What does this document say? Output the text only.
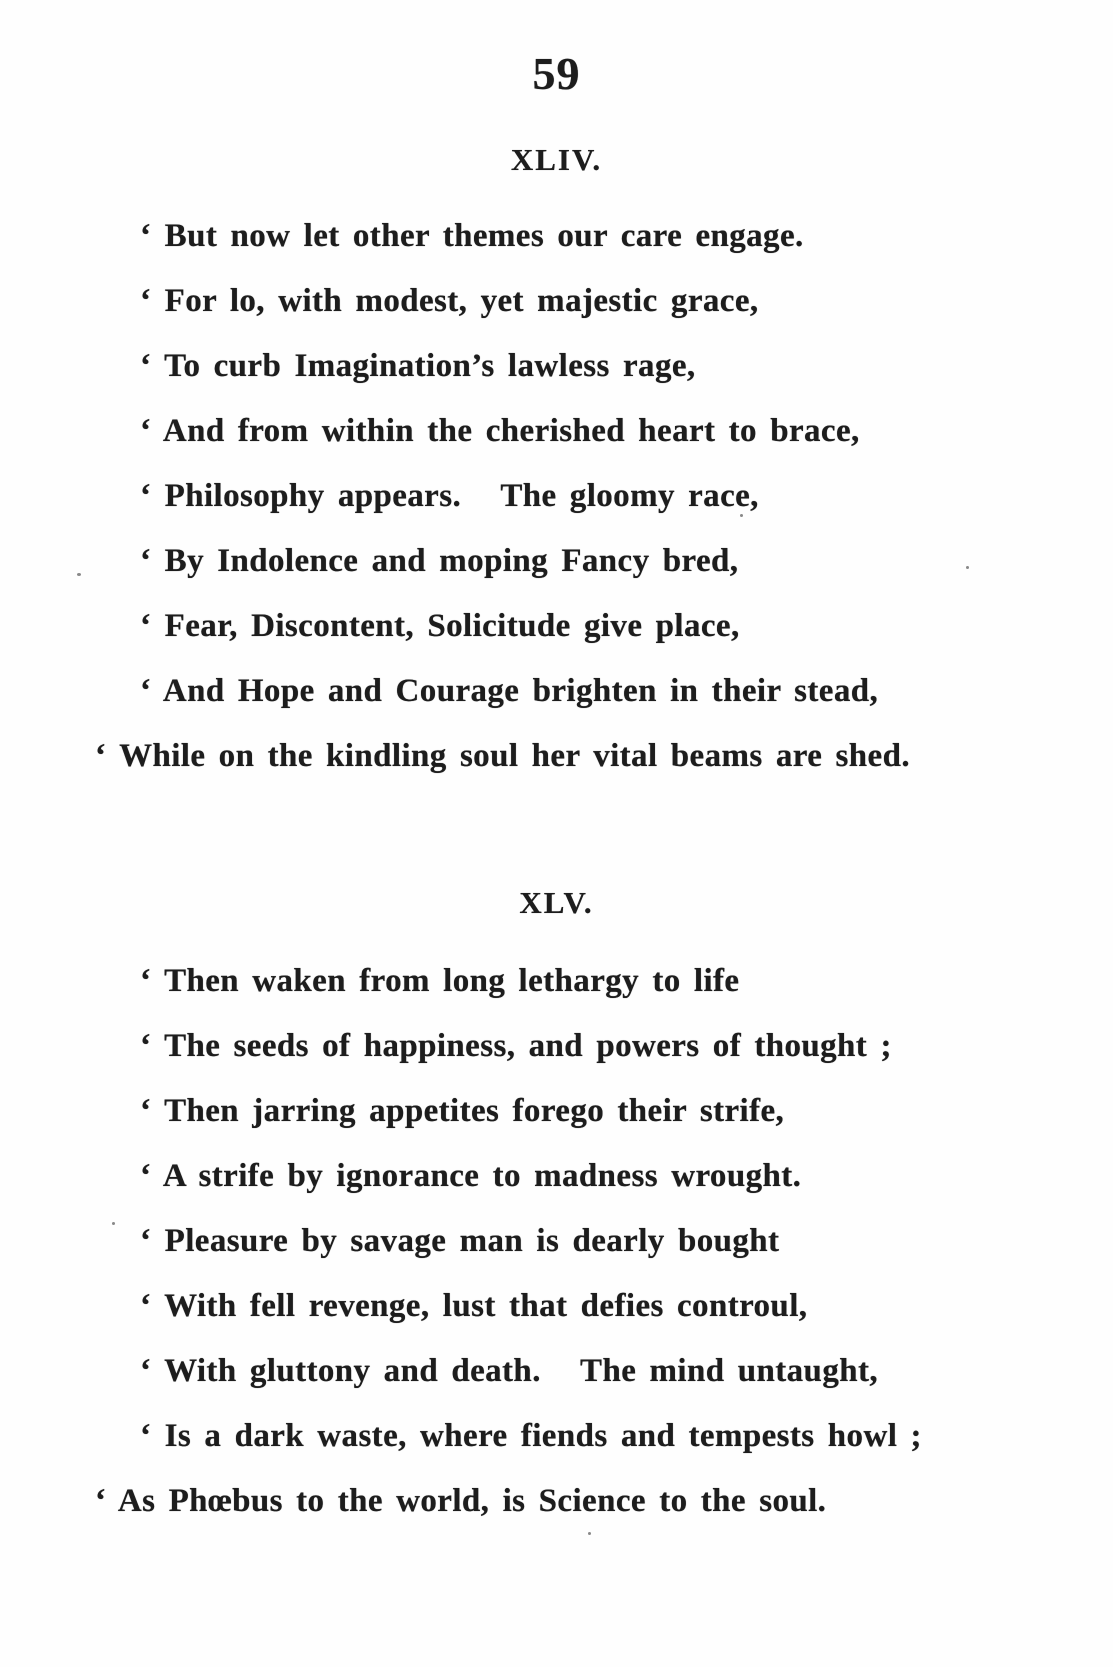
59
XLIV.
‘ But now let other themes our care engage.
‘ For lo, with modest, yet majestic grace,
‘ To curb Imagination’s lawless rage,
‘ And from within the cherished heart to brace,
‘ Philosophy appears.   The gloomy race,
‘ By Indolence and moping Fancy bred,
‘ Fear, Discontent, Solicitude give place,
‘ And Hope and Courage brighten in their stead,
‘ While on the kindling soul her vital beams are shed.
XLV.
‘ Then waken from long lethargy to life
‘ The seeds of happiness, and powers of thought ;
‘ Then jarring appetites forego their strife,
‘ A strife by ignorance to madness wrought.
‘ Pleasure by savage man is dearly bought
‘ With fell revenge, lust that defies controul,
‘ With gluttony and death.   The mind untaught,
‘ Is a dark waste, where fiends and tempests howl ;
‘ As Phœbus to the world, is Science to the soul.
